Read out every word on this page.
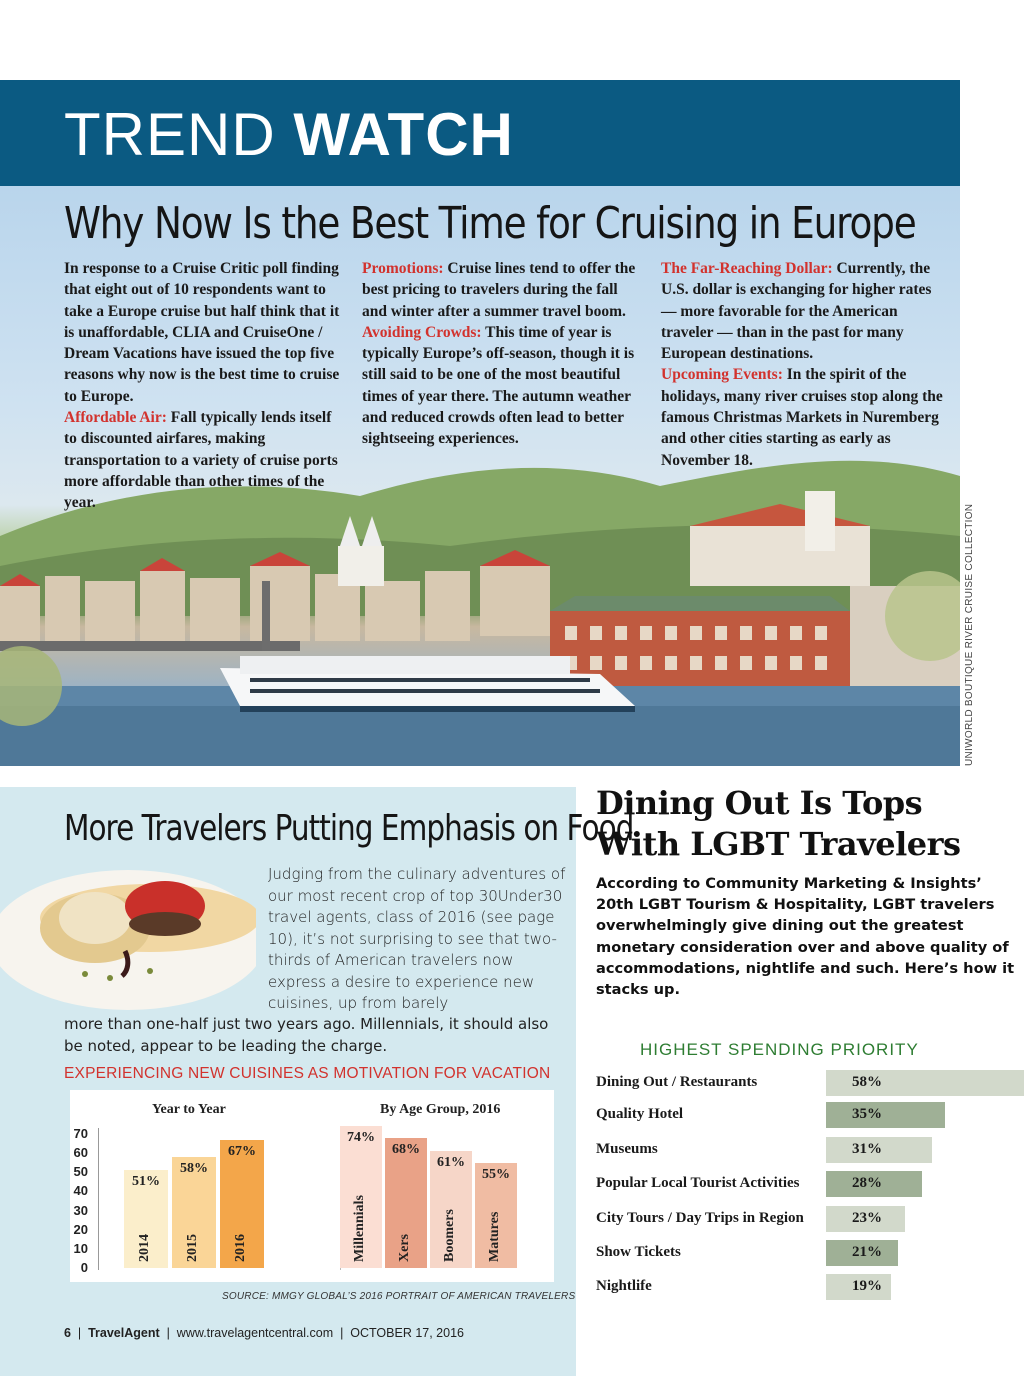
TREND WATCH
Why Now Is the Best Time for Cruising in Europe
In response to a Cruise Critic poll finding that eight out of 10 respondents want to take a Europe cruise but half think that it is unaffordable, CLIA and CruiseOne / Dream Vacations have issued the top five reasons why now is the best time to cruise to Europe.
Affordable Air: Fall typically lends itself to discounted airfares, making transportation to a variety of cruise ports more affordable than other times of the year.
Promotions: Cruise lines tend to offer the best pricing to travelers during the fall and winter after a summer travel boom.
Avoiding Crowds: This time of year is typically Europe’s off-season, though it is still said to be one of the most beautiful times of year there. The autumn weather and reduced crowds often lead to better sightseeing experiences.
The Far-Reaching Dollar: Currently, the U.S. dollar is exchanging for higher rates — more favorable for the American traveler — than in the past for many European destinations.
Upcoming Events: In the spirit of the holidays, many river cruises stop along the famous Christmas Markets in Nuremberg and other cities starting as early as November 18.
UNIWORLD BOUTIQUE RIVER CRUISE COLLECTION
More Travelers Putting Emphasis on Food
Judging from the culinary adventures of our most recent crop of top 30Under30 travel agents, class of 2016 (see page 10), it’s not surprising to see that two-thirds of American travelers now express a desire to experience new cuisines, up from barely
more than one-half just two years ago. Millennials, it should also be noted, appear to be leading the charge.
EXPERIENCING NEW CUISINES AS MOTIVATION FOR VACATION
Year to Year	By Age Group, 2016
0
10
20
30
40
50
60
70
51%
2014
58%
2015
67%
2016
74%
Millennials
68%
Xers
61%
Boomers
55%
Matures
SOURCE: MMGY GLOBAL’S 2016 PORTRAIT OF AMERICAN TRAVELERS
6  |  TravelAgent  |  www.travelagentcentral.com  |  OCTOBER 17, 2016
Dining Out Is Tops With LGBT Travelers
According to Community Marketing & Insights’ 20th LGBT Tourism & Hospitality, LGBT travelers overwhelmingly give dining out the greatest monetary consideration over and above quality of accommodations, nightlife and such. Here’s how it stacks up.
HIGHEST SPENDING PRIORITY
Dining Out / Restaurants	58%
Quality Hotel	35%
Museums	31%
Popular Local Tourist Activities	28%
City Tours / Day Trips in Region	23%
Show Tickets	21%
Nightlife	19%
